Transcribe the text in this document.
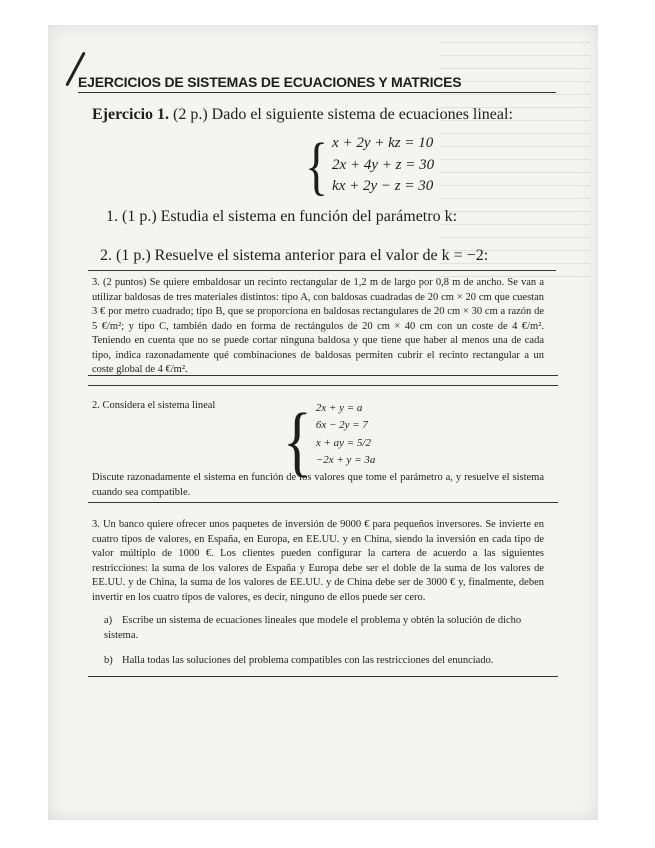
EJERCICIOS DE SISTEMAS DE ECUACIONES Y MATRICES
Ejercicio 1. (2 p.) Dado el siguiente sistema de ecuaciones lineal:
{ x + 2y + kz = 10
2x + 4y + z = 30
kx + 2y − z = 30
1. (1 p.) Estudia el sistema en función del parámetro k:
2. (1 p.) Resuelve el sistema anterior para el valor de k = −2:
3. (2 puntos) Se quiere embaldosar un recinto rectangular de 1,2 m de largo por 0,8 m de ancho. Se van a utilizar baldosas de tres materiales distintos: tipo A, con baldosas cuadradas de 20 cm × 20 cm que cuestan 3 € por metro cuadrado; tipo B, que se proporciona en baldosas rectangulares de 20 cm × 30 cm a razón de 5 €/m²; y tipo C, también dado en forma de rectángulos de 20 cm × 40 cm con un coste de 4 €/m². Teniendo en cuenta que no se puede cortar ninguna baldosa y que tiene que haber al menos una de cada tipo, indica razonadamente qué combinaciones de baldosas permiten cubrir el recinto rectangular a un coste global de 4 €/m².
2. Considera el sistema lineal	{ 2x + y = a
6x − 2y = 7
x + ay = 5/2
−2x + y = 3a
Discute razonadamente el sistema en función de los valores que tome el parámetro a, y resuelve el sistema cuando sea compatible.
3. Un banco quiere ofrecer unos paquetes de inversión de 9000 € para pequeños inversores. Se invierte en cuatro tipos de valores, en España, en Europa, en EE.UU. y en China, siendo la inversión en cada tipo de valor múltiplo de 1000 €. Los clientes pueden configurar la cartera de acuerdo a las siguientes restricciones: la suma de los valores de España y Europa debe ser el doble de la suma de los valores de EE.UU. y de China, la suma de los valores de EE.UU. y de China debe ser de 3000 € y, finalmente, deben invertir en los cuatro tipos de valores, es decir, ninguno de ellos puede ser cero.
a) Escribe un sistema de ecuaciones lineales que modele el problema y obtén la solución de dicho sistema.
b) Halla todas las soluciones del problema compatibles con las restricciones del enunciado.
